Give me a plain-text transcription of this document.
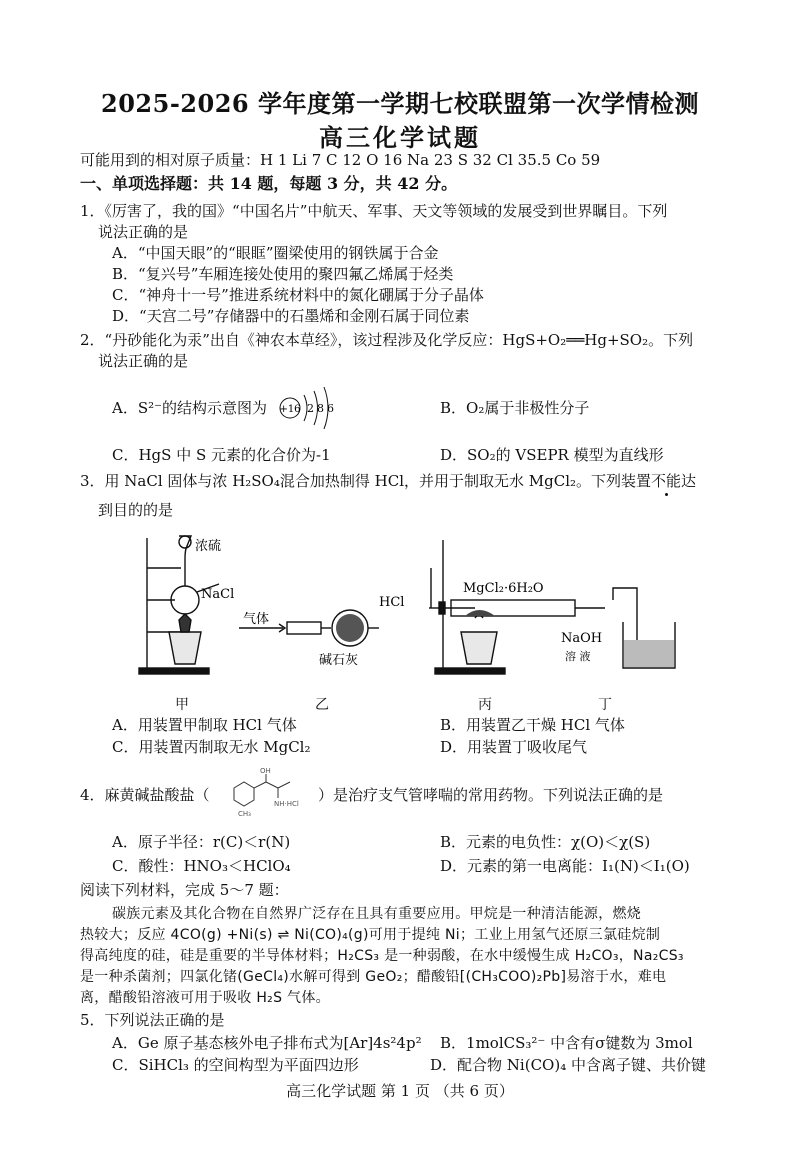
2025-2026 学年度第一学期七校联盟第一次学情检测
高三化学试题
可能用到的相对原子质量：H 1 Li 7 C 12 O 16 Na 23 S 32 Cl 35.5 Co 59
一、单项选择题：共 14 题，每题 3 分，共 42 分。
1．《厉害了，我的国》“中国名片”中航天、军事、天文等领域的发展受到世界瞩目。下列
说法正确的是
A．“中国天眼”的“眼眶”圈梁使用的钢铁属于合金
B．“复兴号”车厢连接处使用的聚四氟乙烯属于烃类
C．“神舟十一号”推进系统材料中的氮化硼属于分子晶体
D．“天宫二号”存储器中的石墨烯和金刚石属于同位素
2．“丹砂能化为汞”出自《神农本草经》，该过程涉及化学反应：HgS+O₂══Hg+SO₂。下列
说法正确的是
A．S²⁻的结构示意图为 +16 2 8 6	B．O₂属于非极性分子
C．HgS 中 S 元素的化合价为-1	D．SO₂的 VSEPR 模型为直线形
3．用 NaCl 固体与浓 H₂SO₄混合加热制得 HCl，并用于制取无水 MgCl₂。下列装置不能达
到目的的是
浓硫
NaCl
气体
碱石灰
HCl
MgCl₂·6H₂O
NaOH
溶 液
甲	乙	丙	丁
A．用装置甲制取 HCl 气体	B．用装置乙干燥 HCl 气体
C．用装置丙制取无水 MgCl₂	D．用装置丁吸收尾气
4．麻黄碱盐酸盐（
OH
NH·HCl
CH₃
）是治疗支气管哮喘的常用药物。下列说法正确的是
A．原子半径：r(C)＜r(N)	B．元素的电负性：χ(O)＜χ(S)
C．酸性：HNO₃＜HClO₄	D．元素的第一电离能：I₁(N)＜I₁(O)
阅读下列材料，完成 5～7 题：
碳族元素及其化合物在自然界广泛存在且具有重要应用。甲烷是一种清洁能源，燃烧
热较大；反应 4CO(g) +Ni(s) ⇌ Ni(CO)₄(g)可用于提纯 Ni；工业上用氢气还原三氯硅烷制
得高纯度的硅，硅是重要的半导体材料；H₂CS₃ 是一种弱酸，在水中缓慢生成 H₂CO₃，Na₂CS₃
是一种杀菌剂；四氯化锗(GeCl₄)水解可得到 GeO₂；醋酸铅[(CH₃COO)₂Pb]易溶于水，难电
离，醋酸铅溶液可用于吸收 H₂S 气体。
5．下列说法正确的是
A．Ge 原子基态核外电子排布式为[Ar]4s²4p² B．1molCS₃²⁻ 中含有σ键数为 3mol
C．SiHCl₃ 的空间构型为平面四边形	D．配合物 Ni(CO)₄ 中含离子键、共价键
高三化学试题 第 1 页 （共 6 页）
